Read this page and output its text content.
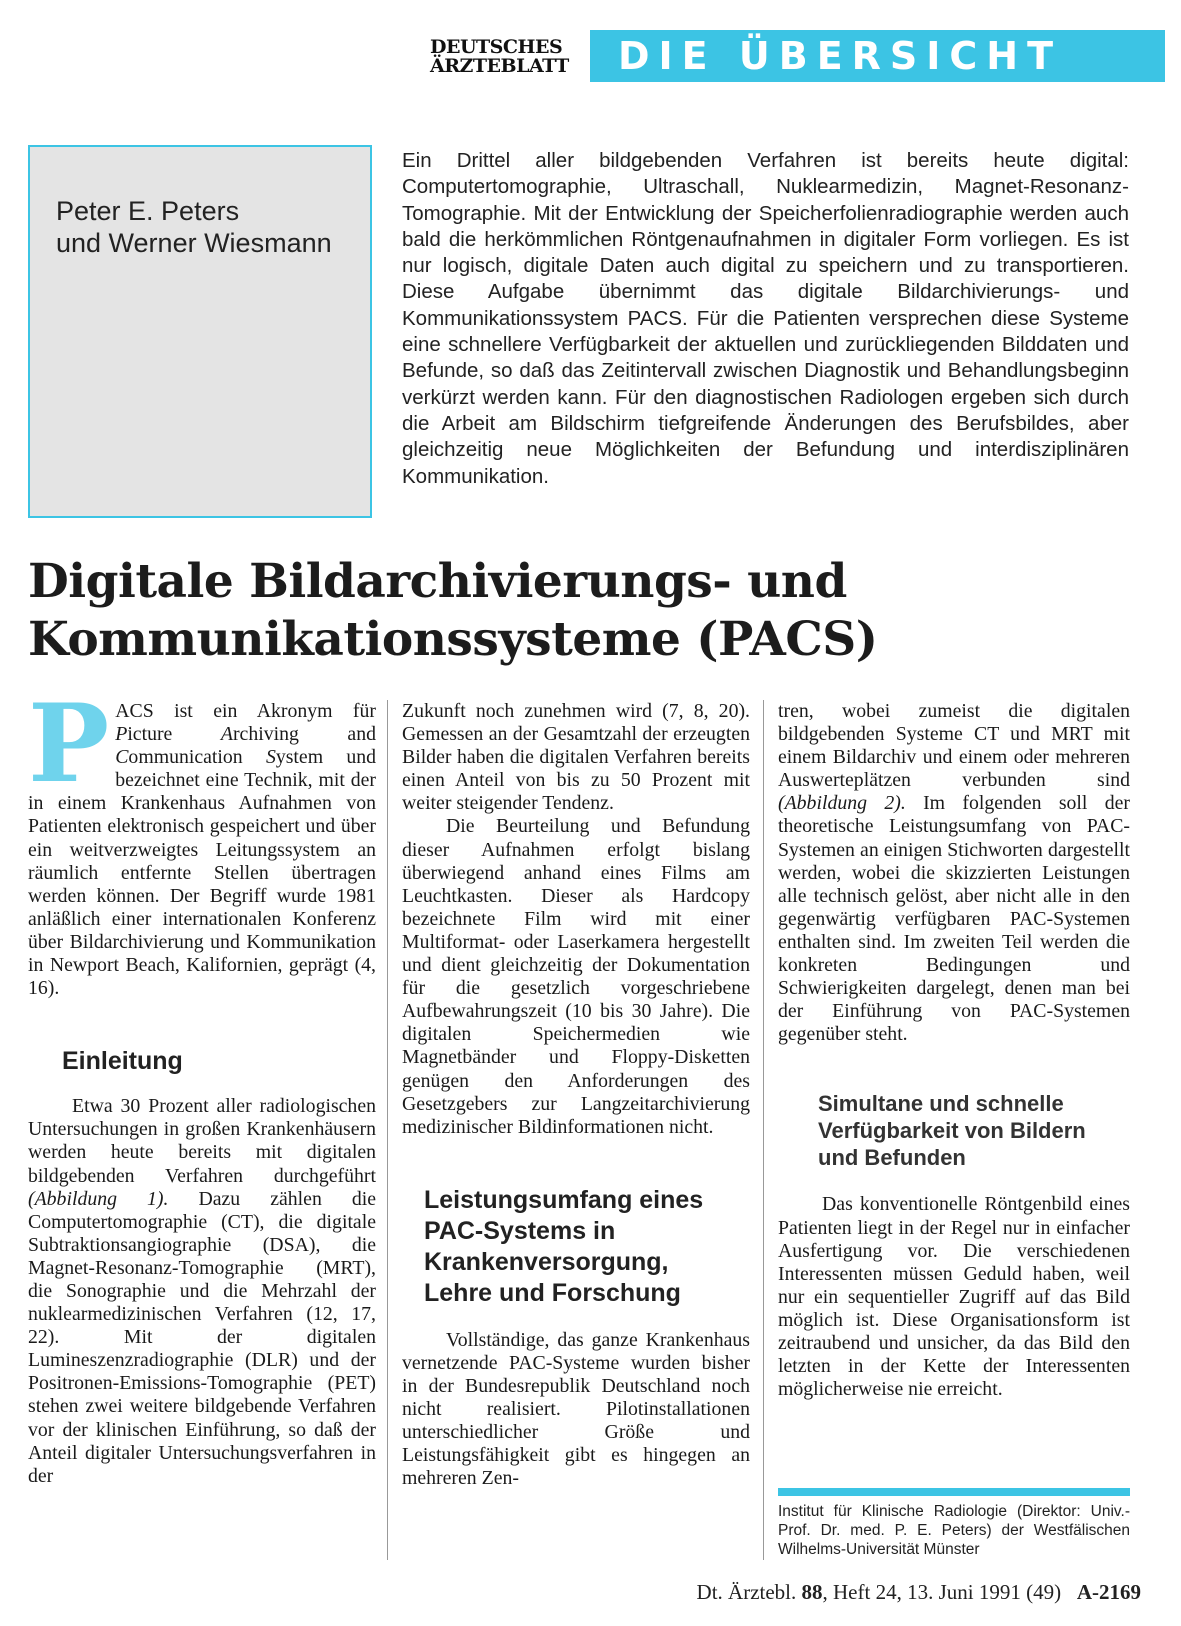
DEUTSCHES
ÄRZTEBLATT	DIE ÜBERSICHT
Peter E. Peters
und Werner Wiesmann

Ein Drittel aller bildgebenden Verfahren ist bereits heute digital: Computertomographie, Ultraschall, Nuklearmedizin, Magnet-Resonanz-Tomographie. Mit der Entwicklung der Speicherfolienradiographie werden auch bald die herkömmlichen Röntgenaufnahmen in digitaler Form vorliegen. Es ist nur logisch, digitale Daten auch digital zu speichern und zu transportieren. Diese Aufgabe übernimmt das digitale Bildarchivierungs- und Kommunikationssystem PACS. Für die Patienten versprechen diese Systeme eine schnellere Verfügbarkeit der aktuellen und zurückliegenden Bilddaten und Befunde, so daß das Zeitintervall zwischen Diagnostik und Behandlungsbeginn verkürzt werden kann. Für den diagnostischen Radiologen ergeben sich durch die Arbeit am Bildschirm tiefgreifende Änderungen des Berufsbildes, aber gleichzeitig neue Möglichkeiten der Befundung und interdisziplinären Kommunikation.

Digitale Bildarchivierungs- und
Kommunikationssysteme (PACS)

PACS ist ein Akronym für Picture Archiving and Communication System und bezeichnet eine Technik, mit der in einem Krankenhaus Aufnahmen von Patienten elektronisch gespeichert und über ein weitverzweigtes Leitungssystem an räumlich entfernte Stellen übertragen werden können. Der Begriff wurde 1981 anläßlich einer internationalen Konferenz über Bildarchivierung und Kommunikation in Newport Beach, Kalifornien, geprägt (4, 16).

Einleitung

Etwa 30 Prozent aller radiologischen Untersuchungen in großen Krankenhäusern werden heute bereits mit digitalen bildgebenden Verfahren durchgeführt (Abbildung 1). Dazu zählen die Computertomographie (CT), die digitale Subtraktionsangiographie (DSA), die Magnet-Resonanz-Tomographie (MRT), die Sonographie und die Mehrzahl der nuklearmedizinischen Verfahren (12, 17, 22). Mit der digitalen Lumineszenzradiographie (DLR) und der Positronen-Emissions-Tomographie (PET) stehen zwei weitere bildgebende Verfahren vor der klinischen Einführung, so daß der Anteil digitaler Untersuchungsverfahren in der

Zukunft noch zunehmen wird (7, 8, 20). Gemessen an der Gesamtzahl der erzeugten Bilder haben die digitalen Verfahren bereits einen Anteil von bis zu 50 Prozent mit weiter steigender Tendenz.

Die Beurteilung und Befundung dieser Aufnahmen erfolgt bislang überwiegend anhand eines Films am Leuchtkasten. Dieser als Hardcopy bezeichnete Film wird mit einer Multiformat- oder Laserkamera hergestellt und dient gleichzeitig der Dokumentation für die gesetzlich vorgeschriebene Aufbewahrungszeit (10 bis 30 Jahre). Die digitalen Speichermedien wie Magnetbänder und Floppy-Disketten genügen den Anforderungen des Gesetzgebers zur Langzeitarchivierung medizinischer Bildinformationen nicht.

Leistungsumfang eines
PAC-Systems in
Krankenversorgung,
Lehre und Forschung

Vollständige, das ganze Krankenhaus vernetzende PAC-Systeme wurden bisher in der Bundesrepublik Deutschland noch nicht realisiert. Pilotinstallationen unterschiedlicher Größe und Leistungsfähigkeit gibt es hingegen an mehreren Zen-

tren, wobei zumeist die digitalen bildgebenden Systeme CT und MRT mit einem Bildarchiv und einem oder mehreren Auswerteplätzen verbunden sind (Abbildung 2). Im folgenden soll der theoretische Leistungsumfang von PAC-Systemen an einigen Stichworten dargestellt werden, wobei die skizzierten Leistungen alle technisch gelöst, aber nicht alle in den gegenwärtig verfügbaren PAC-Systemen enthalten sind. Im zweiten Teil werden die konkreten Bedingungen und Schwierigkeiten dargelegt, denen man bei der Einführung von PAC-Systemen gegenüber steht.

Simultane und schnelle
Verfügbarkeit von Bildern
und Befunden

Das konventionelle Röntgenbild eines Patienten liegt in der Regel nur in einfacher Ausfertigung vor. Die verschiedenen Interessenten müssen Geduld haben, weil nur ein sequentieller Zugriff auf das Bild möglich ist. Diese Organisationsform ist zeitraubend und unsicher, da das Bild den letzten in der Kette der Interessenten möglicherweise nie erreicht.

Institut für Klinische Radiologie (Direktor: Univ.-Prof. Dr. med. P. E. Peters) der Westfälischen Wilhelms-Universität Münster

Dt. Ärztebl. 88, Heft 24, 13. Juni 1991 (49) A-2169
